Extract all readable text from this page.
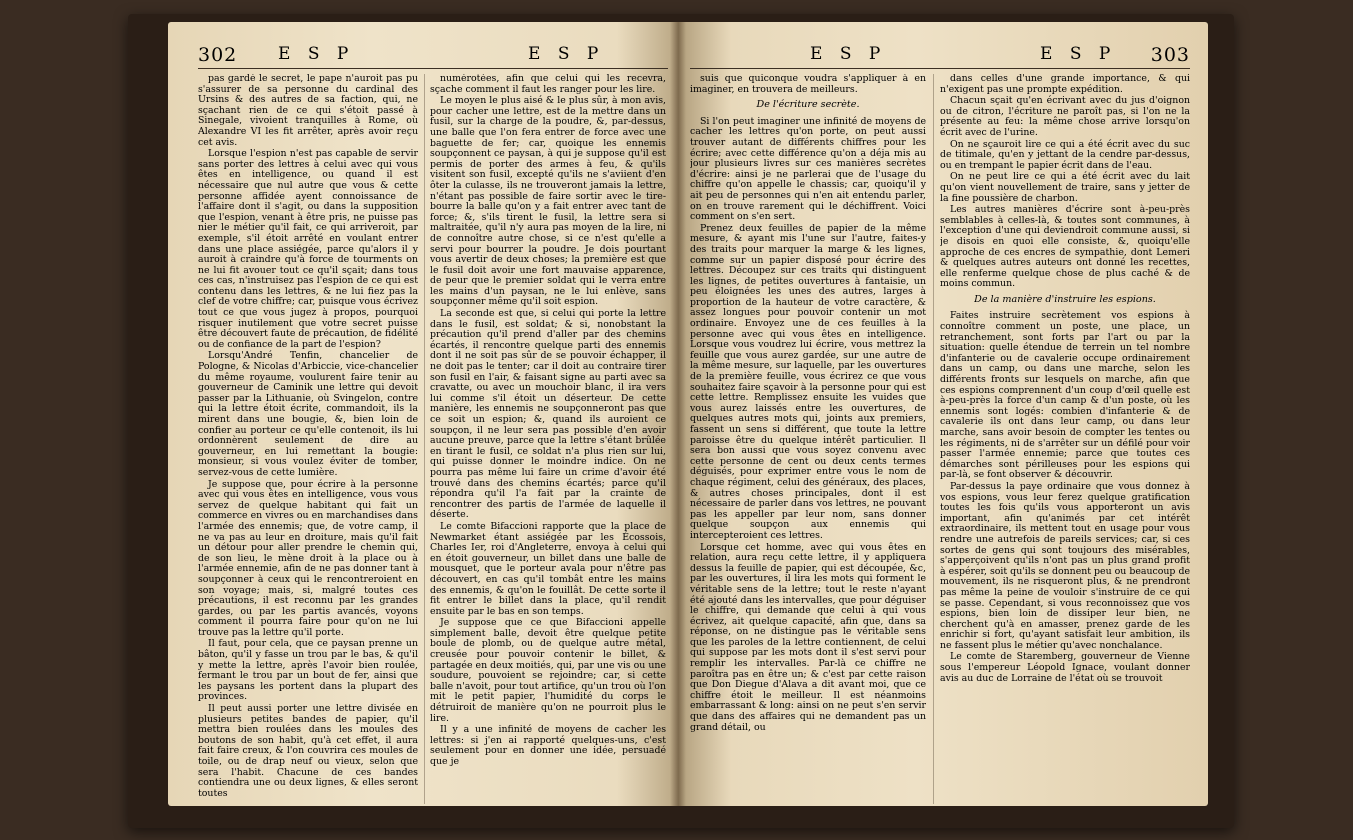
302 E S P	E S P

pas gardé le secret, le pape n'auroit pas pu s'assurer de sa personne du cardinal des Ursins & des autres de sa faction, qui, ne sçachant rien de ce qui s'étoit passé à Sinegale, vivoient tranquilles à Rome, où Alexandre VI les fit arrêter, après avoir reçu cet avis.

Lorsque l'espion n'est pas capable de servir sans porter des lettres à celui avec qui vous êtes en intelligence, ou quand il est nécessaire que nul autre que vous & cette personne affidée ayent connoissance de l'affaire dont il s'agit, ou dans la supposition que l'espion, venant à être pris, ne puisse pas nier le métier qu'il fait, ce qui arriveroit, par exemple, s'il étoit arrêté en voulant entrer dans une place assiégée, parce qu'alors il y auroit à craindre qu'à force de tourments on ne lui fit avouer tout ce qu'il sçait; dans tous ces cas, n'instruisez pas l'espion de ce qui est contenu dans les lettres, & ne lui fiez pas la clef de votre chiffre; car, puisque vous écrivez tout ce que vous jugez à propos, pourquoi risquer inutilement que votre secret puisse être découvert faute de précaution, de fidélité ou de confiance de la part de l'espion?

Lorsqu'André Tenfin, chancelier de Pologne, & Nicolas d'Arbiccie, vice-chancelier du même royaume, voulurent faire tenir au gouverneur de Caminik une lettre qui devoit passer par la Lithuanie, où Svingelon, contre qui la lettre étoit écrite, commandoit, ils la mirent dans une bougie, &, bien loin de confier au porteur ce qu'elle contenoit, ils lui ordonnèrent seulement de dire au gouverneur, en lui remettant la bougie: monsieur, si vous voulez éviter de tomber, servez-vous de cette lumière.

Je suppose que, pour écrire à la personne avec qui vous êtes en intelligence, vous vous servez de quelque habitant qui fait un commerce en vivres ou en marchandises dans l'armée des ennemis; que, de votre camp, il ne va pas au leur en droiture, mais qu'il fait un détour pour aller prendre le chemin qui, de son lieu, le mène droit à la place ou à l'armée ennemie, afin de ne pas donner tant à soupçonner à ceux qui le rencontreroient en son voyage; mais, si, malgré toutes ces précautions, il est reconnu par les grandes gardes, ou par les partis avancés, voyons comment il pourra faire pour qu'on ne lui trouve pas la lettre qu'il porte.

Il faut, pour cela, que ce paysan prenne un bâton, qu'il y fasse un trou par le bas, & qu'il y mette la lettre, après l'avoir bien roulée, fermant le trou par un bout de fer, ainsi que les paysans les portent dans la plupart des provinces.

Il peut aussi porter une lettre divisée en plusieurs petites bandes de papier, qu'il mettra bien roulées dans les moules des boutons de son habit, qu'à cet effet, il aura fait faire creux, & l'on couvrira ces moules de toile, ou de drap neuf ou vieux, selon que sera l'habit. Chacune de ces bandes contiendra une ou deux lignes, & elles seront toutes

numérotées, afin que celui qui les recevra, sçache comment il faut les ranger pour les lire.

Le moyen le plus aisé & le plus sûr, à mon avis, pour cacher une lettre, est de la mettre dans un fusil, sur la charge de la poudre, &, par-dessus, une balle que l'on fera entrer de force avec une baguette de fer; car, quoique les ennemis soupçonnent ce paysan, à qui je suppose qu'il est permis de porter des armes à feu, & qu'ils visitent son fusil, excepté qu'ils ne s'aviient d'en ôter la culasse, ils ne trouveront jamais la lettre, n'étant pas possible de faire sortir avec le tire-bourre la balle qu'on y a fait entrer avec tant de force; &, s'ils tirent le fusil, la lettre sera si maltraitée, qu'il n'y aura pas moyen de la lire, ni de connoître autre chose, si ce n'est qu'elle a servi pour bourrer la poudre. Je dois pourtant vous avertir de deux choses; la première est que le fusil doit avoir une fort mauvaise apparence, de peur que le premier soldat qui le verra entre les mains d'un paysan, ne le lui enlève, sans soupçonner même qu'il soit espion.

La seconde est que, si celui qui porte la lettre dans le fusil, est soldat; & si, nonobstant la précaution qu'il prend d'aller par des chemins écartés, il rencontre quelque parti des ennemis dont il ne soit pas sûr de se pouvoir échapper, il ne doit pas le tenter; car il doit au contraire tirer son fusil en l'air, & faisant signe au parti avec sa cravatte, ou avec un mouchoir blanc, il ira vers lui comme s'il étoit un déserteur. De cette manière, les ennemis ne soupçonneront pas que ce soit un espion; &, quand ils auroient ce soupçon, il ne leur sera pas possible d'en avoir aucune preuve, parce que la lettre s'étant brûlée en tirant le fusil, ce soldat n'a plus rien sur lui, qui puisse donner le moindre indice. On ne pourra pas même lui faire un crime d'avoir été trouvé dans des chemins écartés; parce qu'il répondra qu'il l'a fait par la crainte de rencontrer des partis de l'armée de laquelle il déserte.

Le comte Bifaccioni rapporte que la place de Newmarket étant assiégée par les Écossois, Charles Ier, roi d'Angleterre, envoya à celui qui en étoit gouverneur, un billet dans une balle de mousquet, que le porteur avala pour n'être pas découvert, en cas qu'il tombât entre les mains des ennemis, & qu'on le fouillât. De cette sorte il fit entrer le billet dans la place, qu'il rendit ensuite par le bas en son temps.

Je suppose que ce que Bifaccioni appelle simplement balle, devoit être quelque petite boule de plomb, ou de quelque autre métal, creusée pour pouvoir contenir le billet, & partagée en deux moitiés, qui, par une vis ou une soudure, pouvoient se rejoindre; car, si cette balle n'avoit, pour tout artifice, qu'un trou où l'on mit le petit papier, l'humidité du corps le détruiroit de manière qu'on ne pourroit plus le lire.

Il y a une infinité de moyens de cacher les lettres: si j'en ai rapporté quelques-uns, c'est seulement pour en donner une idée, persuadé que je

E S P	E S P 303

suis que quiconque voudra s'appliquer à en imaginer, en trouvera de meilleurs.

De l'écriture secrète.

Si l'on peut imaginer une infinité de moyens de cacher les lettres qu'on porte, on peut aussi trouver autant de différents chiffres pour les écrire; avec cette différence qu'on a déja mis au jour plusieurs livres sur ces manières secrètes d'écrire: ainsi je ne parlerai que de l'usage du chiffre qu'on appelle le chassis; car, quoiqu'il y ait peu de personnes qui n'en ait entendu parler, on en trouve rarement qui le déchiffrent. Voici comment on s'en sert.

Prenez deux feuilles de papier de la même mesure, & ayant mis l'une sur l'autre, faites-y des traits pour marquer la marge & les lignes, comme sur un papier disposé pour écrire des lettres. Découpez sur ces traits qui distinguent les lignes, de petites ouvertures à fantaisie, un peu éloignées les unes des autres, larges à proportion de la hauteur de votre caractère, & assez longues pour pouvoir contenir un mot ordinaire. Envoyez une de ces feuilles à la personne avec qui vous êtes en intelligence. Lorsque vous voudrez lui écrire, vous mettrez la feuille que vous aurez gardée, sur une autre de la même mesure, sur laquelle, par les ouvertures de la première feuille, vous écrirez ce que vous souhaitez faire sçavoir à la personne pour qui est cette lettre. Remplissez ensuite les vuides que vous aurez laissés entre les ouvertures, de quelques autres mots qui, joints aux premiers, fassent un sens si différent, que toute la lettre paroisse être du quelque intérêt particulier. Il sera bon aussi que vous soyez convenu avec cette personne de cent ou deux cents termes déguisés, pour exprimer entre vous le nom de chaque régiment, celui des généraux, des places, & autres choses principales, dont il est nécessaire de parler dans vos lettres, ne pouvant pas les appeller par leur nom, sans donner quelque soupçon aux ennemis qui intercepteroient ces lettres.

Lorsque cet homme, avec qui vous êtes en relation, aura reçu cette lettre, il y appliquera dessus la feuille de papier, qui est découpée, &c, par les ouvertures, il lira les mots qui forment le véritable sens de la lettre; tout le reste n'ayant été ajouté dans les intervalles, que pour déguiser le chiffre, qui demande que celui à qui vous écrivez, ait quelque capacité, afin que, dans sa réponse, on ne distingue pas le véritable sens que les paroles de la lettre contiennent, de celui qui suppose par les mots dont il s'est servi pour remplir les intervalles. Par-là ce chiffre ne paroîtra pas en être un; & c'est par cette raison que Don Diegue d'Alava a dit avant moi, que ce chiffre étoit le meilleur. Il est néanmoins embarrassant & long: ainsi on ne peut s'en servir que dans des affaires qui ne demandent pas un grand détail, ou

dans celles d'une grande importance, & qui n'exigent pas une prompte expédition.

Chacun sçait qu'en écrivant avec du jus d'oignon ou de citron, l'écriture ne paroît pas, si l'on ne la présente au feu: la même chose arrive lorsqu'on écrit avec de l'urine.

On ne sçauroit lire ce qui a été écrit avec du suc de titimale, qu'en y jettant de la cendre par-dessus, ou en trempant le papier écrit dans de l'eau.

On ne peut lire ce qui a été écrit avec du lait qu'on vient nouvellement de traire, sans y jetter de la fine poussière de charbon.

Les autres manières d'écrire sont à-peu-près semblables à celles-là, & toutes sont communes, à l'exception d'une qui deviendroit commune aussi, si je disois en quoi elle consiste, &, quoiqu'elle approche de ces encres de sympathie, dont Lemeri & quelques autres auteurs ont donné les recettes, elle renferme quelque chose de plus caché & de moins commun.

De la manière d'instruire les espions.

Faites instruire secrètement vos espions à connoître comment un poste, une place, un retranchement, sont forts par l'art ou par la situation: quelle étendue de terrein un tel nombre d'infanterie ou de cavalerie occupe ordinairement dans un camp, ou dans une marche, selon les différents fronts sur lesquels on marche, afin que ces espions comprennent d'un coup d'œil quelle est à-peu-près la force d'un camp & d'un poste, où les ennemis sont logés: combien d'infanterie & de cavalerie ils ont dans leur camp, ou dans leur marche, sans avoir besoin de compter les tentes ou les régiments, ni de s'arrêter sur un défilé pour voir passer l'armée ennemie; parce que toutes ces démarches sont périlleuses pour les espions qui par-là, se font observer & découvrir.

Par-dessus la paye ordinaire que vous donnez à vos espions, vous leur ferez quelque gratification toutes les fois qu'ils vous apporteront un avis important, afin qu'animés par cet intérêt extraordinaire, ils mettent tout en usage pour vous rendre une autrefois de pareils services; car, si ces sortes de gens qui sont toujours des misérables, s'apperçoivent qu'ils n'ont pas un plus grand profit à espérer, soit qu'ils se donnent peu ou beaucoup de mouvement, ils ne risqueront plus, & ne prendront pas même la peine de vouloir s'instruire de ce qui se passe. Cependant, si vous reconnoissez que vos espions, bien loin de dissiper leur bien, ne cherchent qu'à en amasser, prenez garde de les enrichir si fort, qu'ayant satisfait leur ambition, ils ne fassent plus le métier qu'avec nonchalance.

Le comte de Staremberg, gouverneur de Vienne sous l'empereur Léopold Ignace, voulant donner avis au duc de Lorraine de l'état où se trouvoit
